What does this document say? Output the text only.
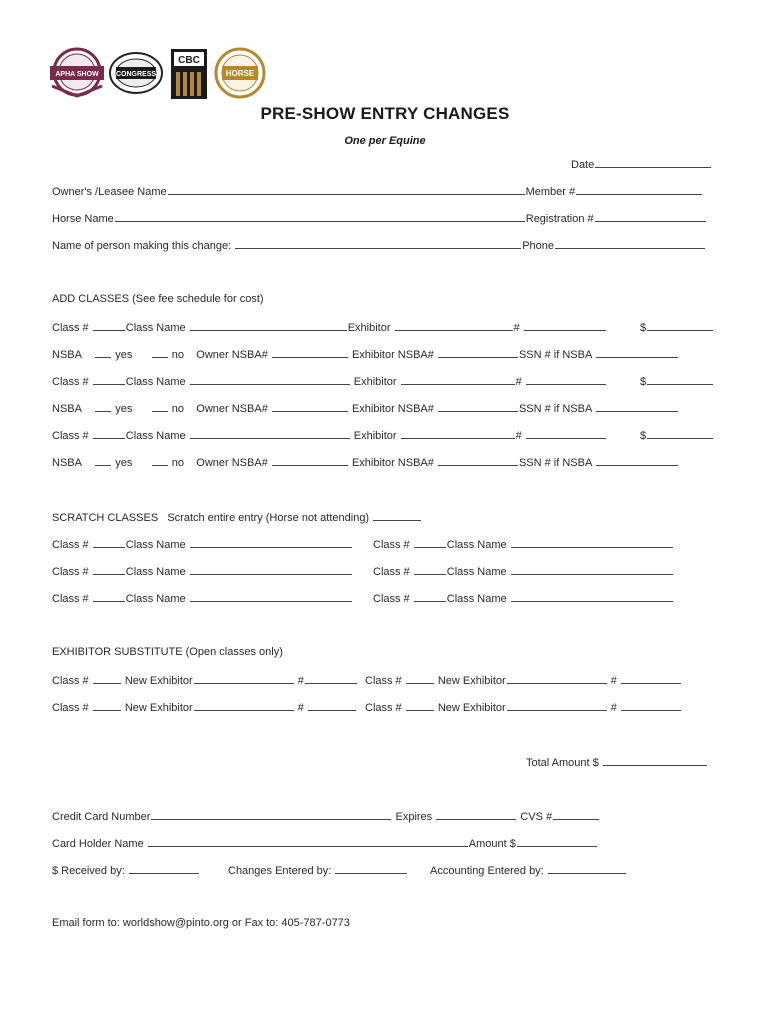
APHA SHOW CONGRESS
CBC
HORSE
PRE-SHOW ENTRY CHANGES
One per Equine
Date
Owner's /Leasee Name	Member #
Horse Name	Registration #
Name of person making this change:	Phone
ADD CLASSES (See fee schedule for cost)
Class #	Class Name	Exhibitor	#	$
NSBA	yes	no Owner NSBA#	Exhibitor NSBA#	SSN # if NSBA
Class #	Class Name	Exhibitor	#	$
NSBA	yes	no Owner NSBA#	Exhibitor NSBA#	SSN # if NSBA
Class #	Class Name	Exhibitor	#	$
NSBA	yes	no Owner NSBA#	Exhibitor NSBA#	SSN # if NSBA
SCRATCH CLASSES Scratch entire entry (Horse not attending)
Class #	Class Name	Class #	Class Name
Class #	Class Name	Class #	Class Name
Class #	Class Name	Class #	Class Name
EXHIBITOR SUBSTITUTE (Open classes only)
Class #	New Exhibitor	#	Class #	New Exhibitor	#
Class #	New Exhibitor	#	Class #	New Exhibitor	#
Total Amount $
Credit Card Number	Expires	CVS #
Card Holder Name	Amount $
$ Received by:	Changes Entered by:	Accounting Entered by:
Email form to: worldshow@pinto.org or Fax to: 405-787-0773
